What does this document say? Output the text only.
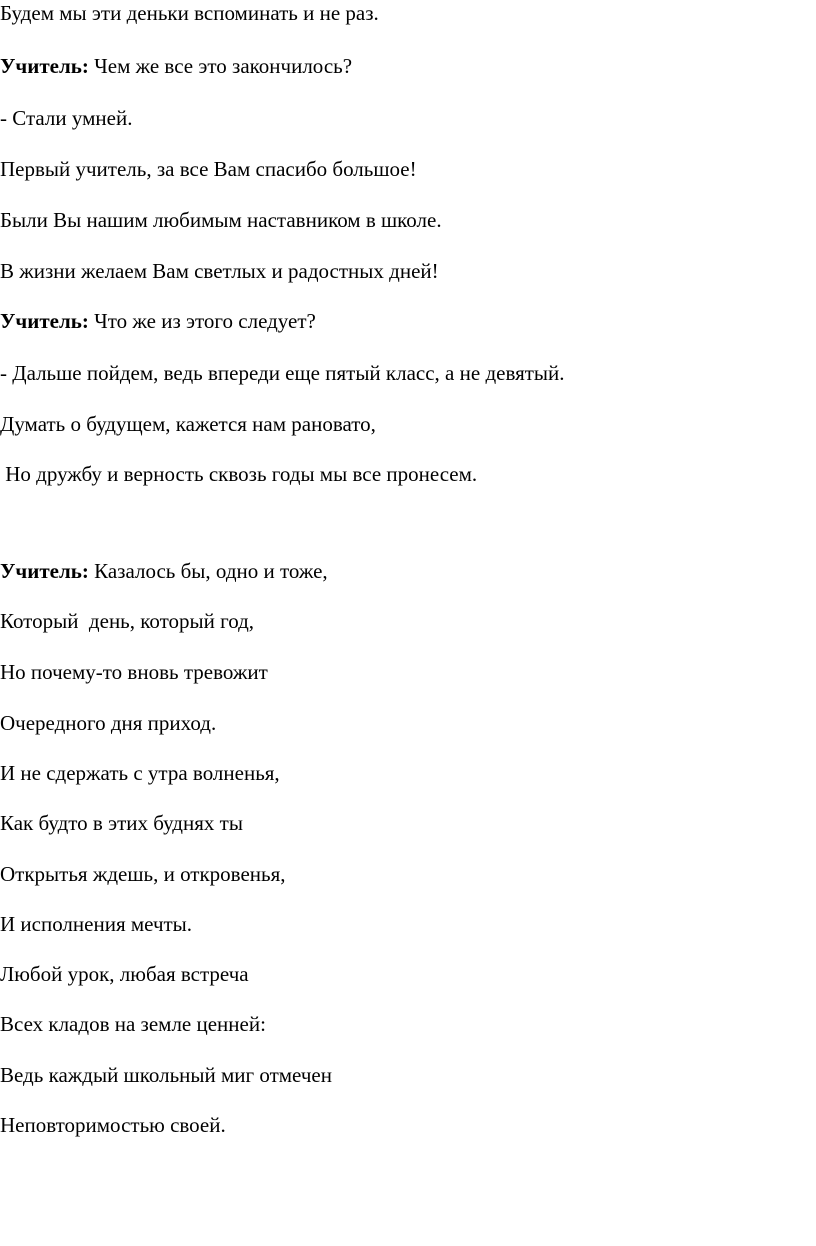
Будем мы эти деньки вспоминать и не раз.

Учитель: Чем же все это закончилось?

- Стали умней.

Первый учитель, за все Вам спасибо большое!

Были Вы нашим любимым наставником в школе.

В жизни желаем Вам светлых и радостных дней!

Учитель: Что же из этого следует?

- Дальше пойдем, ведь впереди еще пятый класс, а не девятый.

Думать о будущем, кажется нам рановато,

Но дружбу и верность сквозь годы мы все пронесем.

Учитель: Казалось бы, одно и тоже,

Который  день, который год,

Но почему-то вновь тревожит

Очередного дня приход.

И не сдержать с утра волненья,

Как будто в этих буднях ты

Открытья ждешь, и откровенья,

И исполнения мечты.

Любой урок, любая встреча

Всех кладов на земле ценней:

Ведь каждый школьный миг отмечен

Неповторимостью своей.
